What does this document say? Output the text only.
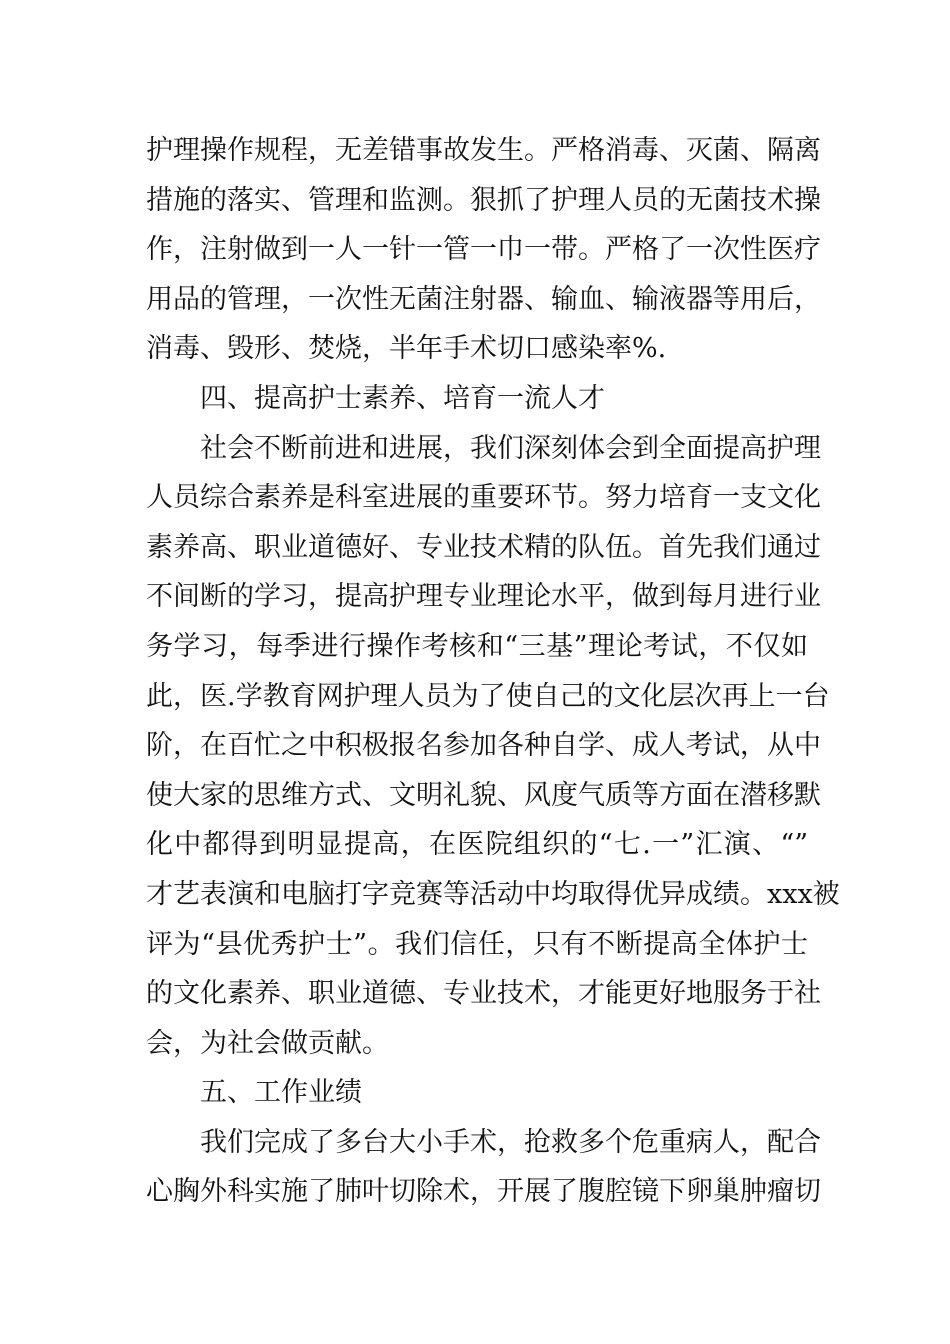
护理操作规程，无差错事故发生。严格消毒、灭菌、隔离
措施的落实、管理和监测。狠抓了护理人员的无菌技术操
作，注射做到一人一针一管一巾一带。严格了一次性医疗
用品的管理，一次性无菌注射器、输血、输液器等用后，
消毒、毁形、焚烧，半年手术切口感染率%.
四、提高护士素养、培育一流人才
社会不断前进和进展，我们深刻体会到全面提高护理
人员综合素养是科室进展的重要环节。努力培育一支文化
素养高、职业道德好、专业技术精的队伍。首先我们通过
不间断的学习，提高护理专业理论水平，做到每月进行业
务学习，每季进行操作考核和“三基”理论考试，不仅如
此，医.学教育网护理人员为了使自己的文化层次再上一台
阶，在百忙之中积极报名参加各种自学、成人考试，从中
使大家的思维方式、文明礼貌、风度气质等方面在潜移默
化中都得到明显提高，在医院组织的“七.一”汇演、“”
才艺表演和电脑打字竞赛等活动中均取得优异成绩。xxx被
评为“县优秀护士”。我们信任，只有不断提高全体护士
的文化素养、职业道德、专业技术，才能更好地服务于社
会，为社会做贡献。
五、工作业绩
我们完成了多台大小手术，抢救多个危重病人，配合
心胸外科实施了肺叶切除术，开展了腹腔镜下卵巢肿瘤切
